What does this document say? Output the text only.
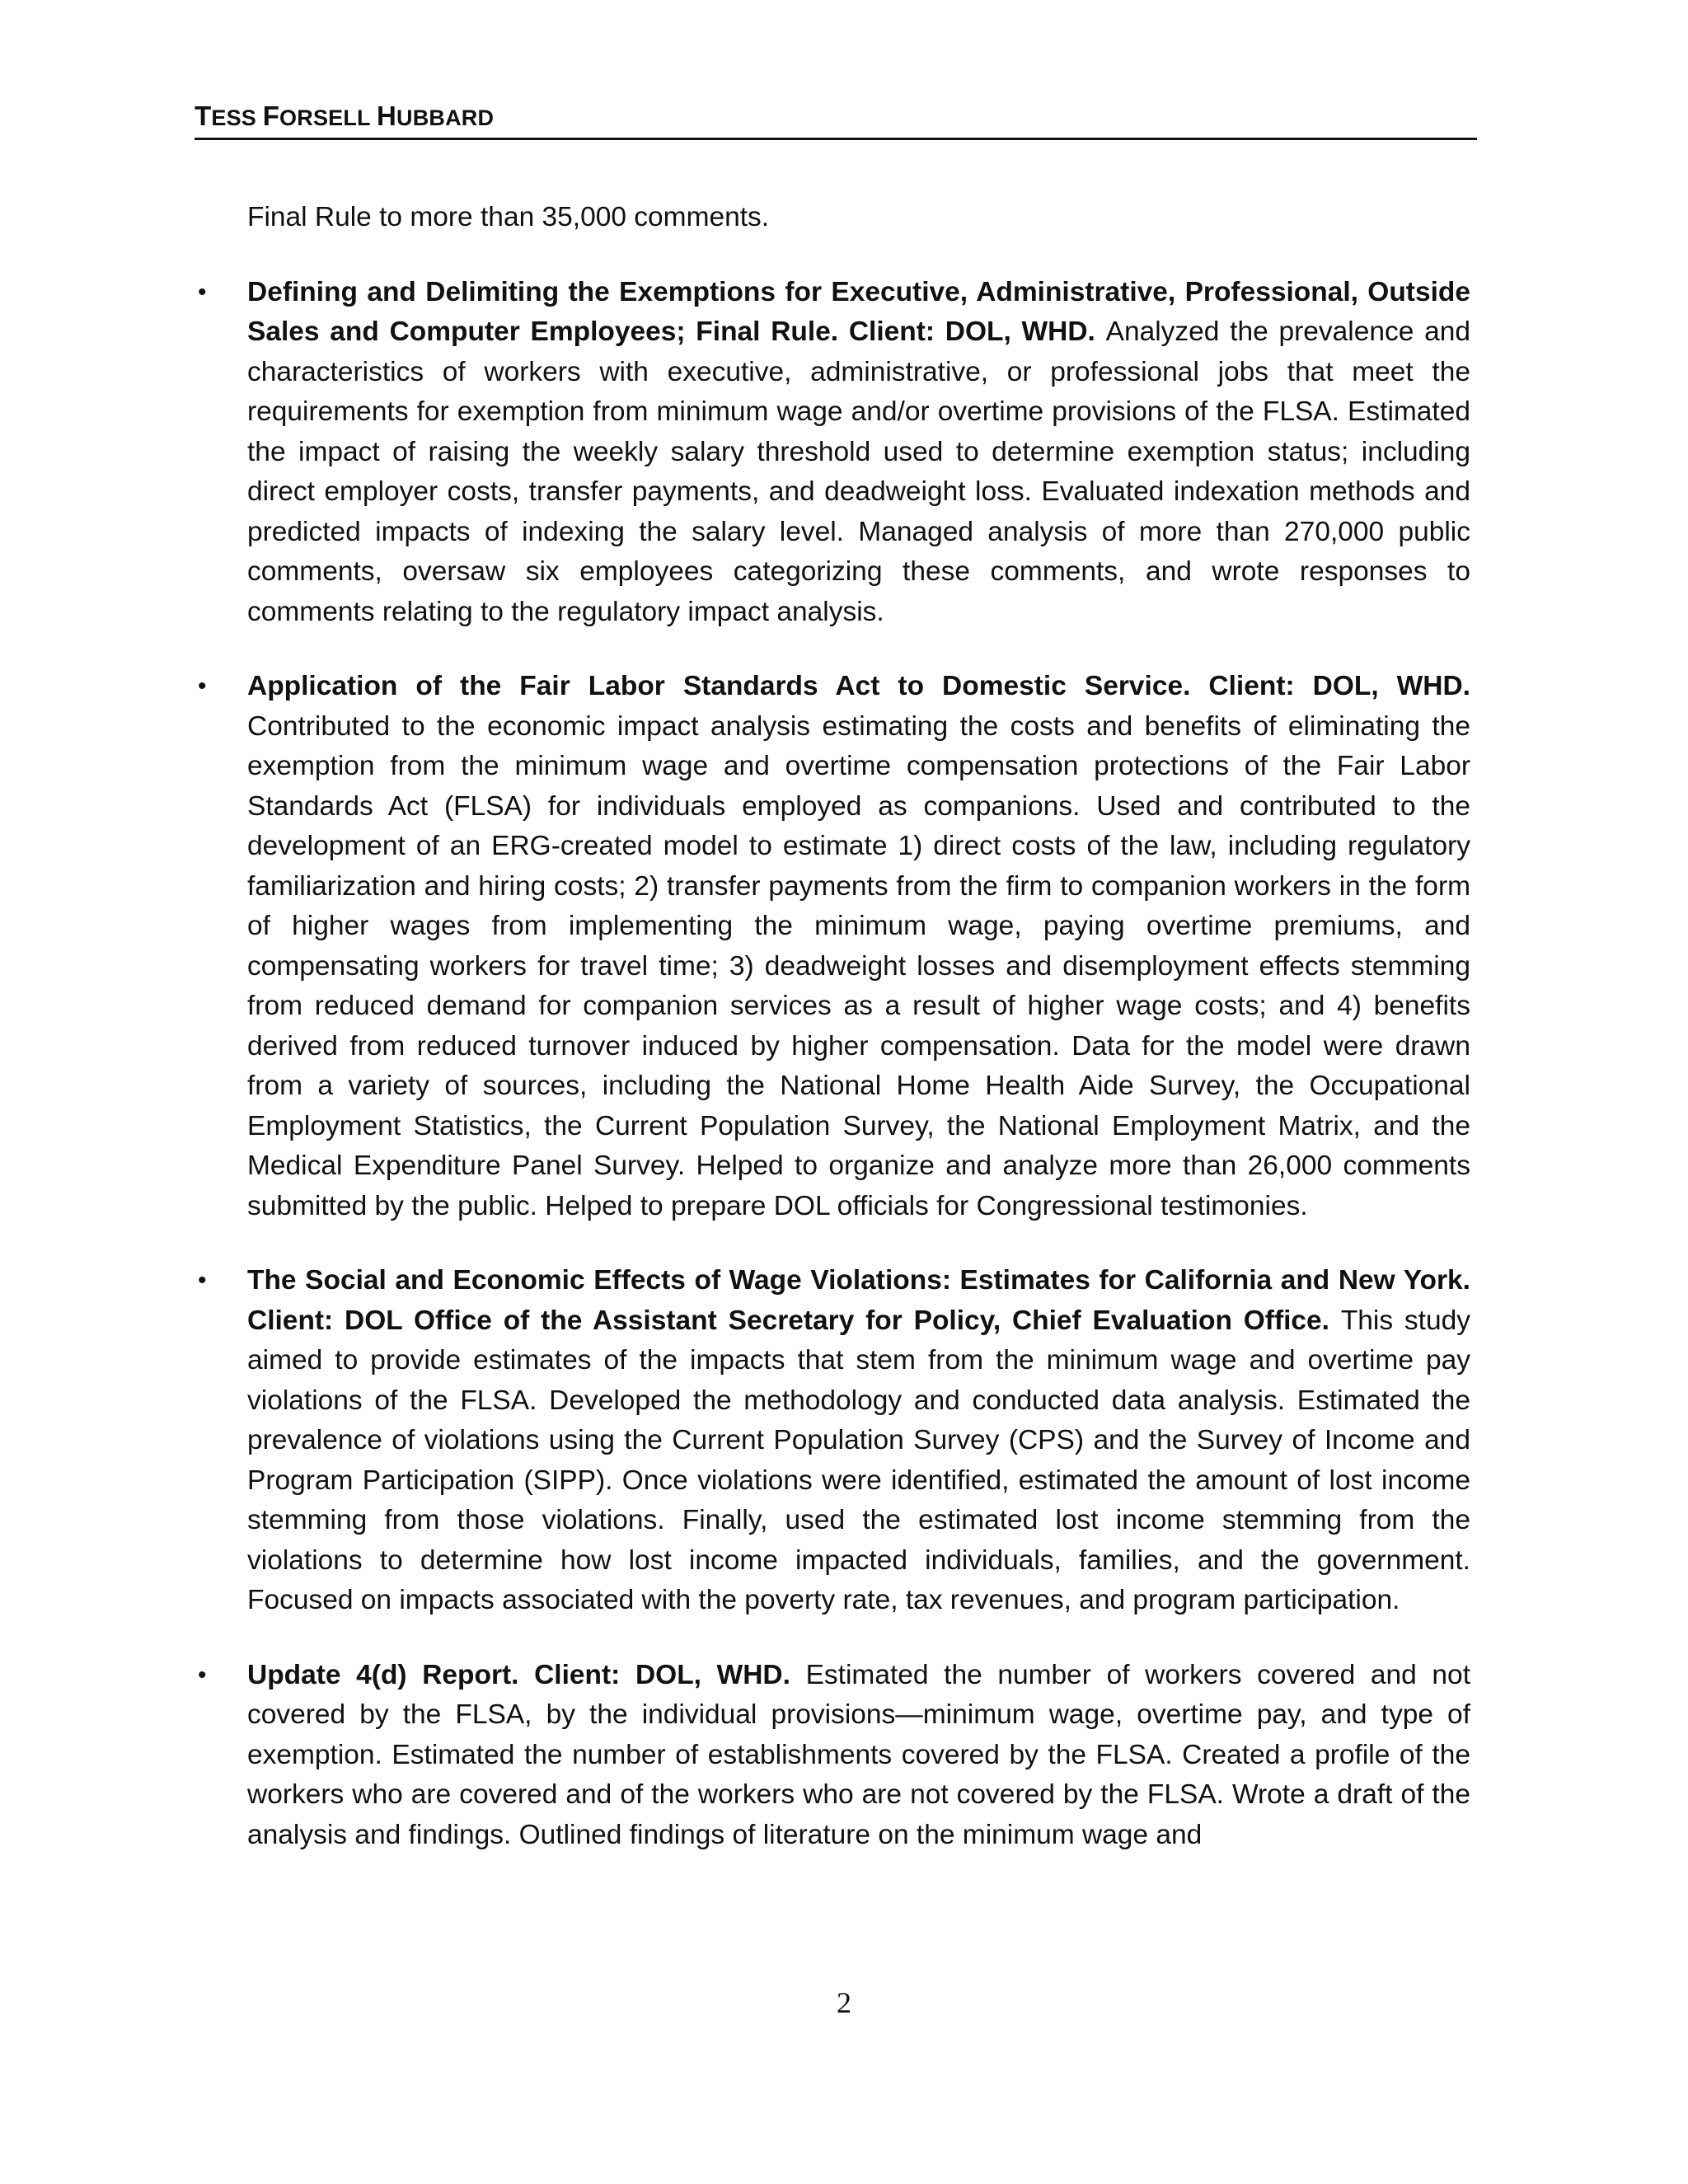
TESS FORSELL HUBBARD

Final Rule to more than 35,000 comments.

• Defining and Delimiting the Exemptions for Executive, Administrative, Professional, Outside Sales and Computer Employees; Final Rule. Client: DOL, WHD. Analyzed the prevalence and characteristics of workers with executive, administrative, or professional jobs that meet the requirements for exemption from minimum wage and/or overtime provisions of the FLSA. Estimated the impact of raising the weekly salary threshold used to determine exemption status; including direct employer costs, transfer payments, and deadweight loss. Evaluated indexation methods and predicted impacts of indexing the salary level. Managed analysis of more than 270,000 public comments, oversaw six employees categorizing these comments, and wrote responses to comments relating to the regulatory impact analysis.
• Application of the Fair Labor Standards Act to Domestic Service. Client: DOL, WHD. Contributed to the economic impact analysis estimating the costs and benefits of eliminating the exemption from the minimum wage and overtime compensation protections of the Fair Labor Standards Act (FLSA) for individuals employed as companions. Used and contributed to the development of an ERG-created model to estimate 1) direct costs of the law, including regulatory familiarization and hiring costs; 2) transfer payments from the firm to companion workers in the form of higher wages from implementing the minimum wage, paying overtime premiums, and compensating workers for travel time; 3) deadweight losses and disemployment effects stemming from reduced demand for companion services as a result of higher wage costs; and 4) benefits derived from reduced turnover induced by higher compensation. Data for the model were drawn from a variety of sources, including the National Home Health Aide Survey, the Occupational Employment Statistics, the Current Population Survey, the National Employment Matrix, and the Medical Expenditure Panel Survey. Helped to organize and analyze more than 26,000 comments submitted by the public. Helped to prepare DOL officials for Congressional testimonies.
• The Social and Economic Effects of Wage Violations: Estimates for California and New York. Client: DOL Office of the Assistant Secretary for Policy, Chief Evaluation Office. This study aimed to provide estimates of the impacts that stem from the minimum wage and overtime pay violations of the FLSA. Developed the methodology and conducted data analysis. Estimated the prevalence of violations using the Current Population Survey (CPS) and the Survey of Income and Program Participation (SIPP). Once violations were identified, estimated the amount of lost income stemming from those violations. Finally, used the estimated lost income stemming from the violations to determine how lost income impacted individuals, families, and the government. Focused on impacts associated with the poverty rate, tax revenues, and program participation.
• Update 4(d) Report. Client: DOL, WHD. Estimated the number of workers covered and not covered by the FLSA, by the individual provisions—minimum wage, overtime pay, and type of exemption. Estimated the number of establishments covered by the FLSA. Created a profile of the workers who are covered and of the workers who are not covered by the FLSA. Wrote a draft of the analysis and findings. Outlined findings of literature on the minimum wage and
2
